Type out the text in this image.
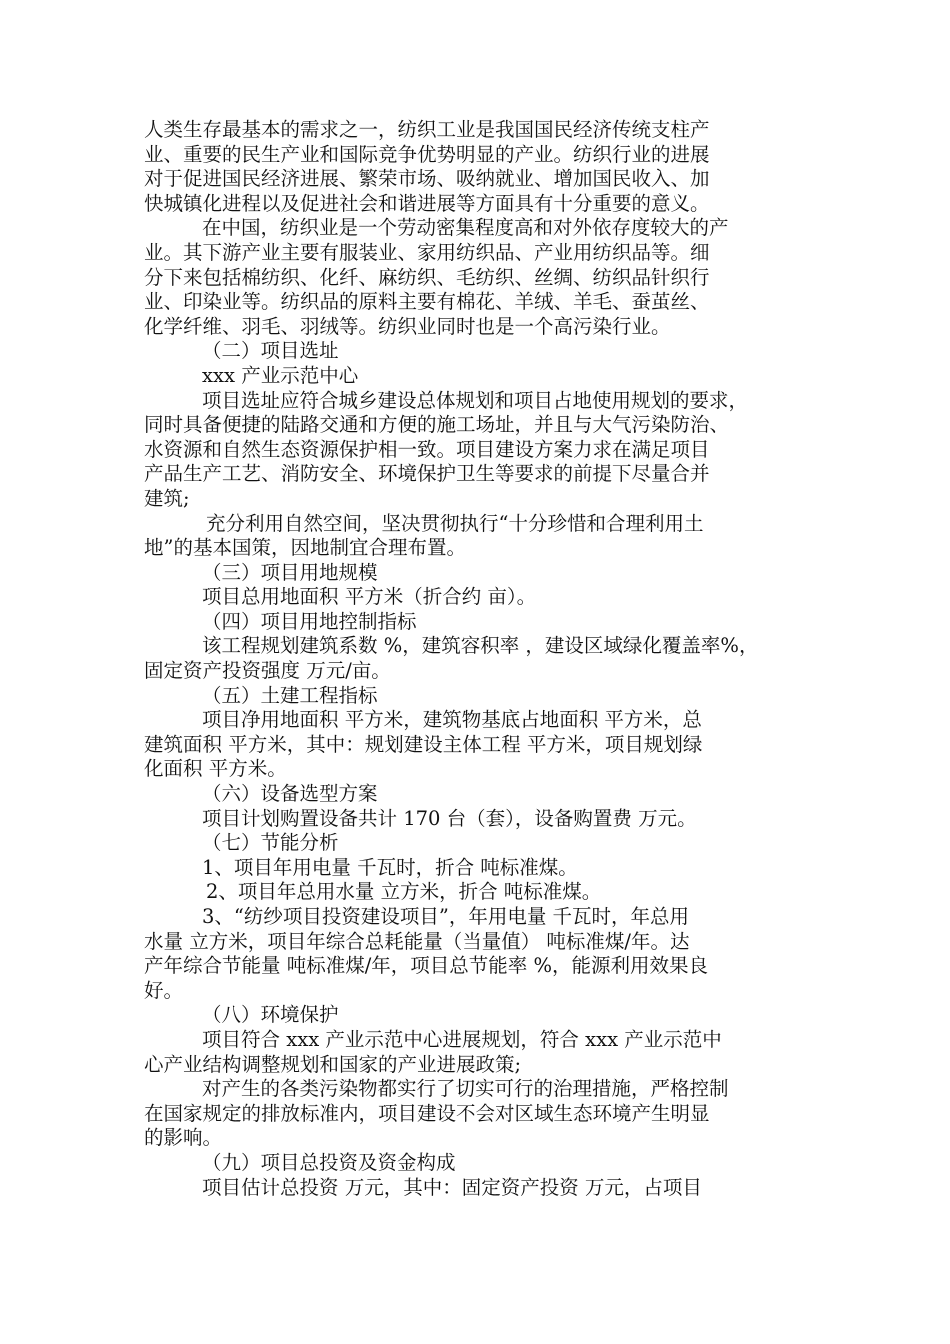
人类生存最基本的需求之一，纺织工业是我国国民经济传统支柱产
业、重要的民生产业和国际竞争优势明显的产业。纺织行业的进展
对于促进国民经济进展、繁荣市场、吸纳就业、增加国民收入、加
快城镇化进程以及促进社会和谐进展等方面具有十分重要的意义。
在中国，纺织业是一个劳动密集程度高和对外依存度较大的产
业。其下游产业主要有服装业、家用纺织品、产业用纺织品等。细
分下来包括棉纺织、化纤、麻纺织、毛纺织、丝绸、纺织品针织行
业、印染业等。纺织品的原料主要有棉花、羊绒、羊毛、蚕茧丝、
化学纤维、羽毛、羽绒等。纺织业同时也是一个高污染行业。
（二）项目选址
xxx 产业示范中心
项目选址应符合城乡建设总体规划和项目占地使用规划的要求，
同时具备便捷的陆路交通和方便的施工场址，并且与大气污染防治、
水资源和自然生态资源保护相一致。项目建设方案力求在满足项目
产品生产工艺、消防安全、环境保护卫生等要求的前提下尽量合并
建筑;
充分利用自然空间，坚决贯彻执行“十分珍惜和合理利用土
地”的基本国策，因地制宜合理布置。
（三）项目用地规模
项目总用地面积 平方米（折合约 亩）。
（四）项目用地控制指标
该工程规划建筑系数 %，建筑容积率 ，建设区域绿化覆盖率%，
固定资产投资强度 万元/亩。
（五）土建工程指标
项目净用地面积 平方米，建筑物基底占地面积 平方米，总
建筑面积 平方米，其中：规划建设主体工程 平方米，项目规划绿
化面积 平方米。
（六）设备选型方案
项目计划购置设备共计 170 台（套），设备购置费 万元。
（七）节能分析
1、项目年用电量 千瓦时，折合 吨标准煤。
2、项目年总用水量 立方米，折合 吨标准煤。
3、“纺纱项目投资建设项目”，年用电量 千瓦时，年总用
水量 立方米，项目年综合总耗能量（当量值） 吨标准煤/年。达
产年综合节能量 吨标准煤/年，项目总节能率 %，能源利用效果良
好。
（八）环境保护
项目符合 xxx 产业示范中心进展规划，符合 xxx 产业示范中
心产业结构调整规划和国家的产业进展政策;
对产生的各类污染物都实行了切实可行的治理措施，严格控制
在国家规定的排放标准内，项目建设不会对区域生态环境产生明显
的影响。
（九）项目总投资及资金构成
项目估计总投资 万元，其中：固定资产投资 万元，占项目
